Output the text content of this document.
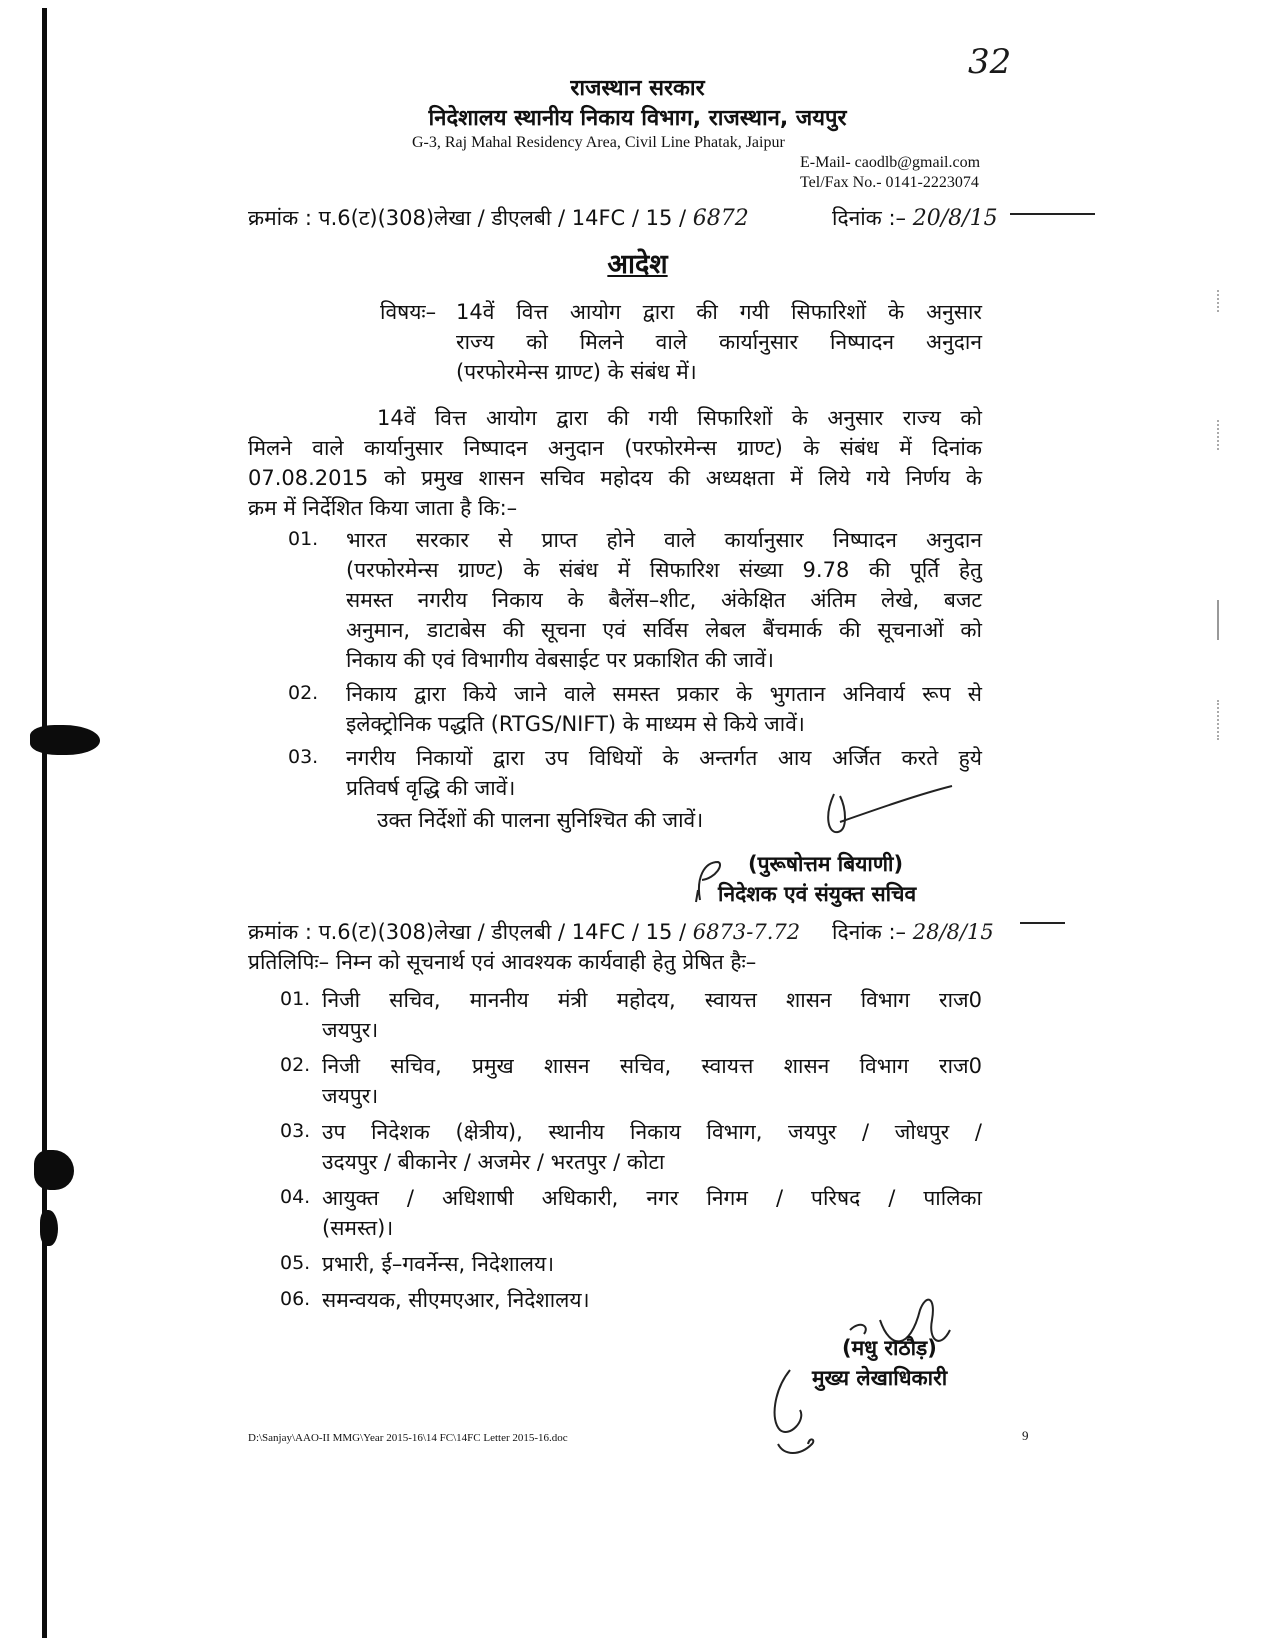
32
राजस्थान सरकार
निदेशालय स्थानीय निकाय विभाग, राजस्थान, जयपुर
G-3, Raj Mahal Residency Area, Civil Line Phatak, Jaipur
E-Mail- caodlb@gmail.com
Tel/Fax No.- 0141-2223074
क्रमांक : प.6(ट)(308)लेखा / डीएलबी / 14FC / 15 / 6872	दिनांक :– 20/8/15
आदेश
विषयः– 14वें वित्त आयोग द्वारा की गयी सिफारिशों के अनुसार
राज्य को मिलने वाले कार्यानुसार निष्पादन अनुदान
(परफोरमेन्स ग्राण्ट) के संबंध में।
14वें वित्त आयोग द्वारा की गयी सिफारिशों के अनुसार राज्य को
मिलने वाले कार्यानुसार निष्पादन अनुदान (परफोरमेन्स ग्राण्ट) के संबंध में दिनांक
07.08.2015 को प्रमुख शासन सचिव महोदय की अध्यक्षता में लिये गये निर्णय के
क्रम में निर्देशित किया जाता है कि:–
01. भारत सरकार से प्राप्त होने वाले कार्यानुसार निष्पादन अनुदान
(परफोरमेन्स ग्राण्ट) के संबंध में सिफारिश संख्या 9.78 की पूर्ति हेतु
समस्त नगरीय निकाय के बैलेंस–शीट, अंकेक्षित अंतिम लेखे, बजट
अनुमान, डाटाबेस की सूचना एवं सर्विस लेबल बैंचमार्क की सूचनाओं को
निकाय की एवं विभागीय वेबसाईट पर प्रकाशित की जावें।
02. निकाय द्वारा किये जाने वाले समस्त प्रकार के भुगतान अनिवार्य रूप से
इलेक्ट्रोनिक पद्धति (RTGS/NIFT) के माध्यम से किये जावें।
03. नगरीय निकायों द्वारा उप विधियों के अन्तर्गत आय अर्जित करते हुये
प्रतिवर्ष वृद्धि की जावें।
उक्त निर्देशों की पालना सुनिश्चित की जावें।
(पुरूषोत्तम बियाणी)
निदेशक एवं संयुक्त सचिव
क्रमांक : प.6(ट)(308)लेखा / डीएलबी / 14FC / 15 / 6873-7.72 दिनांक :– 28/8/15
प्रतिलिपिः– निम्न को सूचनार्थ एवं आवश्यक कार्यवाही हेतु प्रेषित हैः–
01. निजी सचिव, माननीय मंत्री महोदय, स्वायत्त शासन विभाग राज0
जयपुर।
02. निजी सचिव, प्रमुख शासन सचिव, स्वायत्त शासन विभाग राज0
जयपुर।
03. उप निदेशक (क्षेत्रीय), स्थानीय निकाय विभाग, जयपुर / जोधपुर /
उदयपुर / बीकानेर / अजमेर / भरतपुर / कोटा
04. आयुक्त / अधिशाषी अधिकारी, नगर निगम / परिषद / पालिका
(समस्त)।
05. प्रभारी, ई–गवर्नेन्स, निदेशालय।
06. समन्वयक, सीएमएआर, निदेशालय।
(मधु राठौड़)
मुख्य लेखाधिकारी
D:\Sanjay\AAO-II MMG\Year 2015-16\14 FC\14FC Letter 2015-16.doc	9
